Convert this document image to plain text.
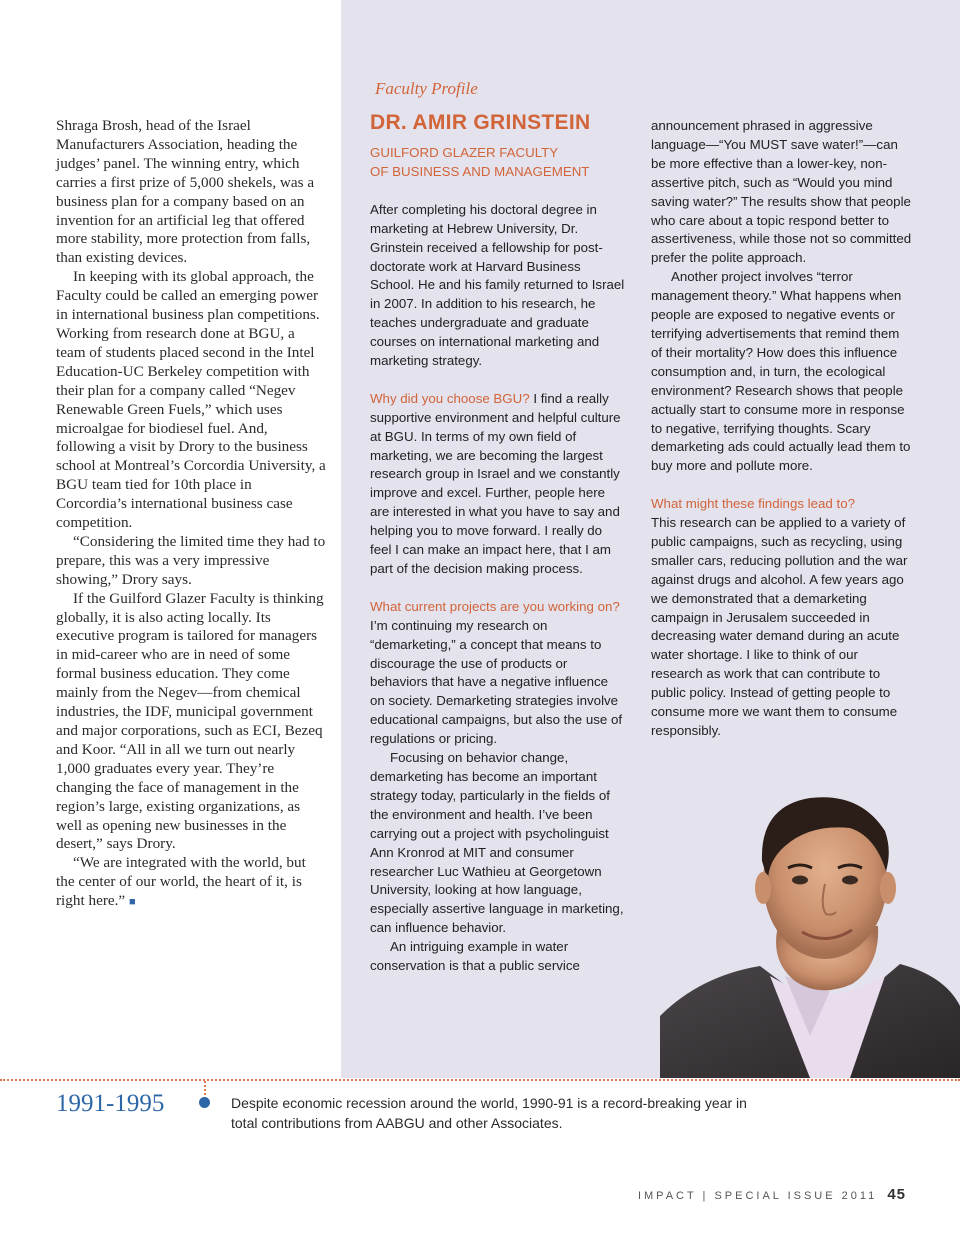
Shraga Brosh, head of the Israel Manufacturers Association, heading the judges’ panel. The winning entry, which carries a first prize of 5,000 shekels, was a business plan for a company based on an invention for an artificial leg that offered more stability, more protection from falls, than existing devices.

In keeping with its global approach, the Faculty could be called an emerging power in international business plan competitions. Working from research done at BGU, a team of students placed second in the Intel Education-UC Berkeley competition with their plan for a company called “Negev Renewable Green Fuels,” which uses microalgae for biodiesel fuel. And, following a visit by Drory to the business school at Montreal’s Corcordia University, a BGU team tied for 10th place in Corcordia’s international business case competition.

“Considering the limited time they had to prepare, this was a very impressive showing,” Drory says.

If the Guilford Glazer Faculty is thinking globally, it is also acting locally. Its executive program is tailored for managers in mid-career who are in need of some formal business education. They come mainly from the Negev—from chemical industries, the IDF, municipal government and major corporations, such as ECI, Bezeq and Koor. “All in all we turn out nearly 1,000 graduates every year. They’re changing the face of management in the region’s large, existing organizations, as well as opening new businesses in the desert,” says Drory.

“We are integrated with the world, but the center of our world, the heart of it, is right here.” ■

Faculty Profile
DR. AMIR GRINSTEIN
GUILFORD GLAZER FACULTY
OF BUSINESS AND MANAGEMENT

After completing his doctoral degree in marketing at Hebrew University, Dr. Grinstein received a fellowship for post-doctorate work at Harvard Business School. He and his family returned to Israel in 2007. In addition to his research, he teaches undergraduate and graduate courses on international marketing and marketing strategy.

Why did you choose BGU? I find a really supportive environment and helpful culture at BGU. In terms of my own field of marketing, we are becoming the largest research group in Israel and we constantly improve and excel. Further, people here are interested in what you have to say and helping you to move forward. I really do feel I can make an impact here, that I am part of the decision making process.

What current projects are you working on? I’m continuing my research on “demarketing,” a concept that means to discourage the use of products or behaviors that have a negative influence on society. Demarketing strategies involve educational campaigns, but also the use of regulations or pricing.

Focusing on behavior change, demarketing has become an important strategy today, particularly in the fields of the environment and health. I’ve been carrying out a project with psycholinguist Ann Kronrod at MIT and consumer researcher Luc Wathieu at Georgetown University, looking at how language, especially assertive language in marketing, can influence behavior.

An intriguing example in water conservation is that a public service

announcement phrased in aggressive language—“You MUST save water!”—can be more effective than a lower-key, non-assertive pitch, such as “Would you mind saving water?” The results show that people who care about a topic respond better to assertiveness, while those not so committed prefer the polite approach.

Another project involves “terror management theory.” What happens when people are exposed to negative events or terrifying advertisements that remind them of their mortality? How does this influence consumption and, in turn, the ecological environment? Research shows that people actually start to consume more in response to negative, terrifying thoughts. Scary demarketing ads could actually lead them to buy more and pollute more.

What might these findings lead to?

This research can be applied to a variety of public campaigns, such as recycling, using smaller cars, reducing pollution and the war against drugs and alcohol. A few years ago we demonstrated that a demarketing campaign in Jerusalem succeeded in decreasing water demand during an acute water shortage. I like to think of our research as work that can contribute to public policy. Instead of getting people to consume more we want them to consume responsibly.

1991-1995	Despite economic recession around the world, 1990-91 is a record-breaking year in total contributions from AABGU and other Associates.
IMPACT | SPECIAL ISSUE 2011 45
